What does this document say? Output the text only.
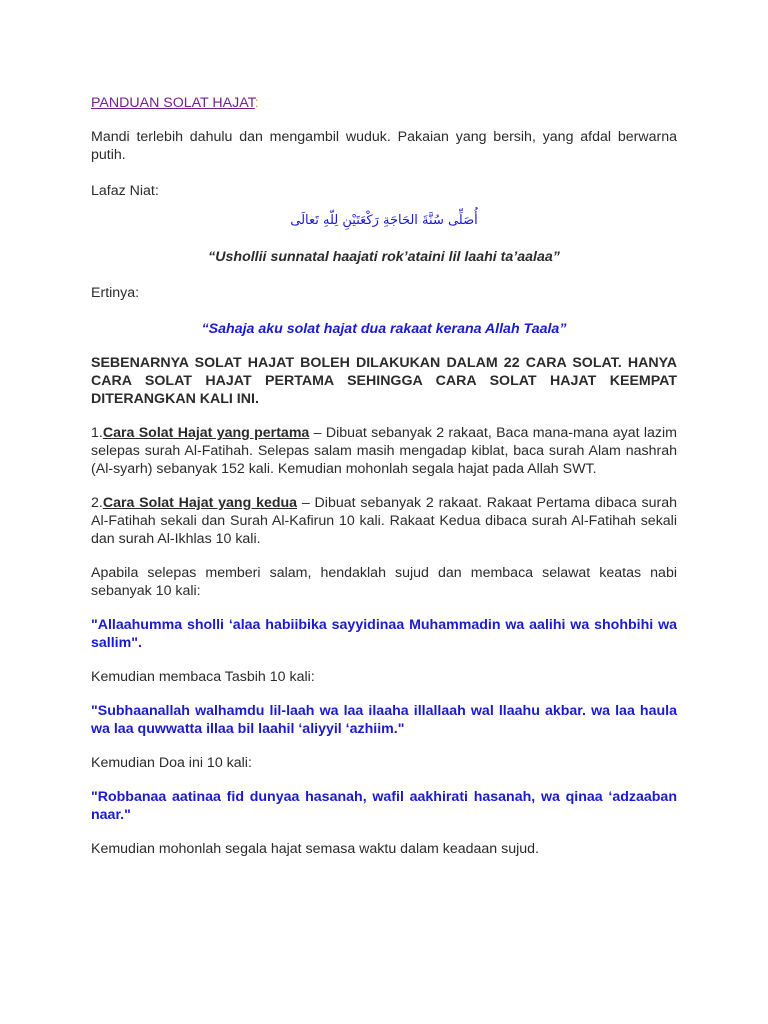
PANDUAN SOLAT HAJAT:

Mandi terlebih dahulu dan mengambil wuduk. Pakaian yang bersih, yang afdal berwarna putih.

Lafaz Niat:

أُصَلِّى سُنَّةَ الحَاجَةِ رَكْعَتَيْنِ لِلّهِ تَعالَى

“Ushollii sunnatal haajati rok’ataini lil laahi ta’aalaa”

Ertinya:

“Sahaja aku solat hajat dua rakaat kerana Allah Taala”

SEBENARNYA SOLAT HAJAT BOLEH DILAKUKAN DALAM 22 CARA SOLAT. HANYA CARA SOLAT HAJAT PERTAMA SEHINGGA CARA SOLAT HAJAT KEEMPAT DITERANGKAN KALI INI.

1.Cara Solat Hajat yang pertama – Dibuat sebanyak 2 rakaat, Baca mana-mana ayat lazim selepas surah Al-Fatihah. Selepas salam masih mengadap kiblat, baca surah Alam nashrah (Al-syarh) sebanyak 152 kali. Kemudian mohonlah segala hajat pada Allah SWT.

2.Cara Solat Hajat yang kedua – Dibuat sebanyak 2 rakaat. Rakaat Pertama dibaca surah Al-Fatihah sekali dan Surah Al-Kafirun 10 kali. Rakaat Kedua dibaca surah Al-Fatihah sekali dan surah Al-Ikhlas 10 kali.

Apabila selepas memberi salam, hendaklah sujud dan membaca selawat keatas nabi sebanyak 10 kali:

"Allaahumma sholli ‘alaa habiibika sayyidinaa Muhammadin wa aalihi wa shohbihi wa sallim".

Kemudian membaca Tasbih 10 kali:

"Subhaanallah walhamdu lil-laah wa laa ilaaha illallaah wal llaahu akbar. wa laa haula wa laa quwwatta illaa bil laahil ‘aliyyil ‘azhiim."

Kemudian Doa ini 10 kali:

"Robbanaa aatinaa fid dunyaa hasanah, wafil aakhirati hasanah, wa qinaa ‘adzaaban naar."

Kemudian mohonlah segala hajat semasa waktu dalam keadaan sujud.
